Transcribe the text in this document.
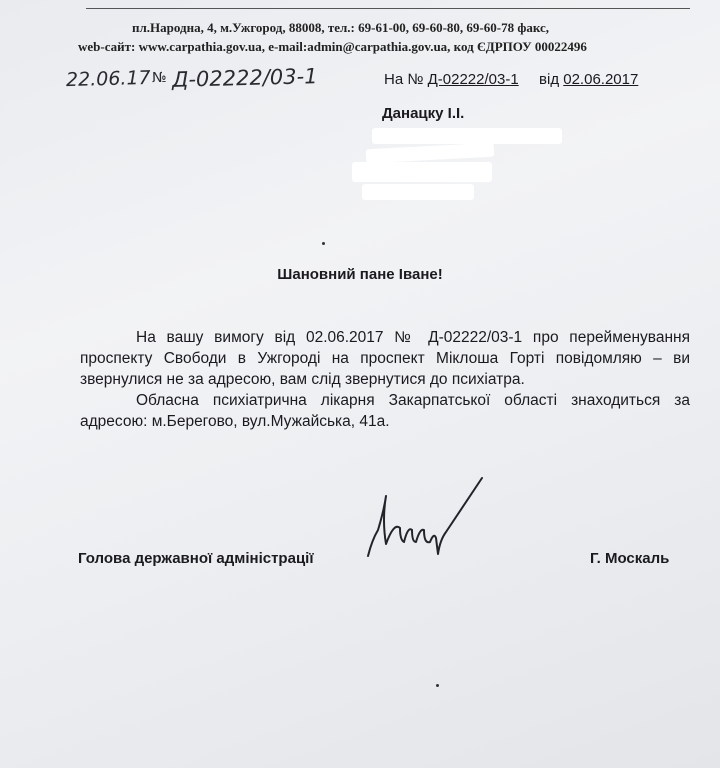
пл.Народна, 4, м.Ужгород, 88008, тел.: 69-61-00, 69-60-80, 69-60-78 факс,
web-сайт: www.carpathia.gov.ua, e-mail:admin@carpathia.gov.ua, код ЄДРПОУ 00022496
22.06.17 № Д-02222/03-1	На № Д-02222/03-1 від 02.06.2017
Данацку І.І.
Шановний пане Іване!

На вашу вимогу від 02.06.2017 № Д-02222/03-1 про перейменування проспекту Свободи в Ужгороді на проспект Міклоша Горті повідомляю – ви звернулися не за адресою, вам слід звернутися до психіатра.

Обласна психіатрична лікарня Закарпатської області знаходиться за адресою: м.Берегово, вул.Мужайська, 41а.

Голова державної адміністрації	Г. Москаль
